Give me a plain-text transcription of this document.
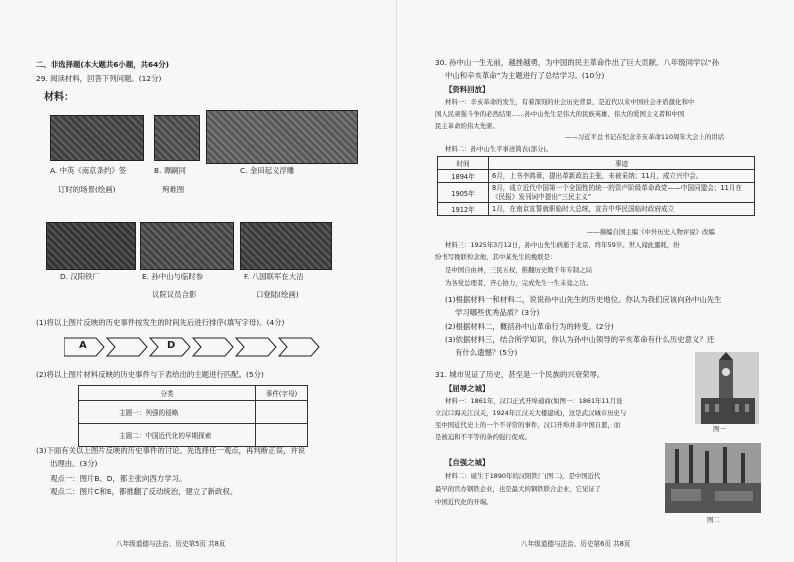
二、非选择题(本大题共6小题，共64分)
29. 阅读材料，回答下列问题。(12分)
材料：
A. 中英《南京条约》签
订时的场景(绘画)
B. 谭嗣同
殉难图
C. 金田起义浮雕
D. 汉阳铁厂	E. 孙中山与临时参
议院议员合影
F. 八国联军在大沽
口登陆(绘画)
(1)将以上图片反映的历史事件按发生的时间先后进行排序(填写字母)。(4分)
A	D
(2)将以上图片材料反映的历史事件与下表给出的主题进行匹配。(5分)
分类	事件(字母)
主题一：列强的侵略	
主题二：中国近代化的早期探索	
(3)下面有关以上图片反映的历史事件的讨论。先选择任一观点，再判断正误，并说
出理由。(3分)
观点一：图片B、D，都主张向西方学习。
观点二：图片C和E，都推翻了反动统治，建立了新政权。
八年级道德与法治、历史第5页 共8页
30. 孙中山一生无前，越挫越勇，为中国的民主革命作出了巨大贡献。八年级同学以“孙
中山和辛亥革命”为主题进行了总结学习。(10分)
【资料回放】
材料一：辛亥革命的发生，有着深刻的社会历史背景，是近代以来中国社会矛盾激化和中
国人民顽强斗争的必然结果……孙中山先生是伟大的民族英雄、伟大的爱国主义者和中国
民主革命的伟大先驱。
——习近平总书记在纪念辛亥革命110周年大会上的讲话
材料二：孙中山生平事迹简表(部分)。
时间	事迹
1894年	6月，上书李鸿章，提出革新政治主张，未被采纳；11月，成立兴中会。
1905年	8月，成立近代中国第一个全国性的统一的资产阶级革命政党——中国同盟会；11月在《民报》发刊词中提出“三民主义”
1912年	1月，在南京宣誓就职临时大总统，宣告中华民国临时政府成立
——摘编自国主编《中外历史人物评说》改编
材料三：1925年3月12日，孙中山先生病逝于北京，终年59岁。世人闻此噩耗，纷
纷书写挽联悼念他，其中某先生的挽联是：
是中国自由神，三民五权，推翻历史数千年专制之局
为各党总理者，齐心协力，完成先生一生未竟之功。
(1)根据材料一和材料二，说说孙中山先生的历史地位。你认为我们应该向孙中山先生
学习哪些优秀品质？(3分)
(2)根据材料二，概括孙中山革命行为的转变。(2分)
(3)依据材料三，结合所学知识，你认为孙中山领导的辛亥革命有什么历史意义？还
有什么遗憾？(5分)
31. 城市见证了历史，甚至是一个民族的兴衰荣辱。
【屈辱之城】
材料一：1861年，汉口正式开埠通商(如图一：1861年11月设
立汉口海关江汉关，1924年江汉关大楼建成)，这是武汉城市历史与
至中国近代史上的一个不寻常的事件，汉口开埠并非中国自愿，而
是被迫和不平等的条约强行促成。
图一
【自强之城】
材料二：诞生于1890年的汉阳铁厂(图二)，是中国近代
最早的官办钢铁企业，也是最大的钢铁联合企业，它见证了
中国近代化的开端。
图二
八年级道德与法治、历史第6页 共8页
